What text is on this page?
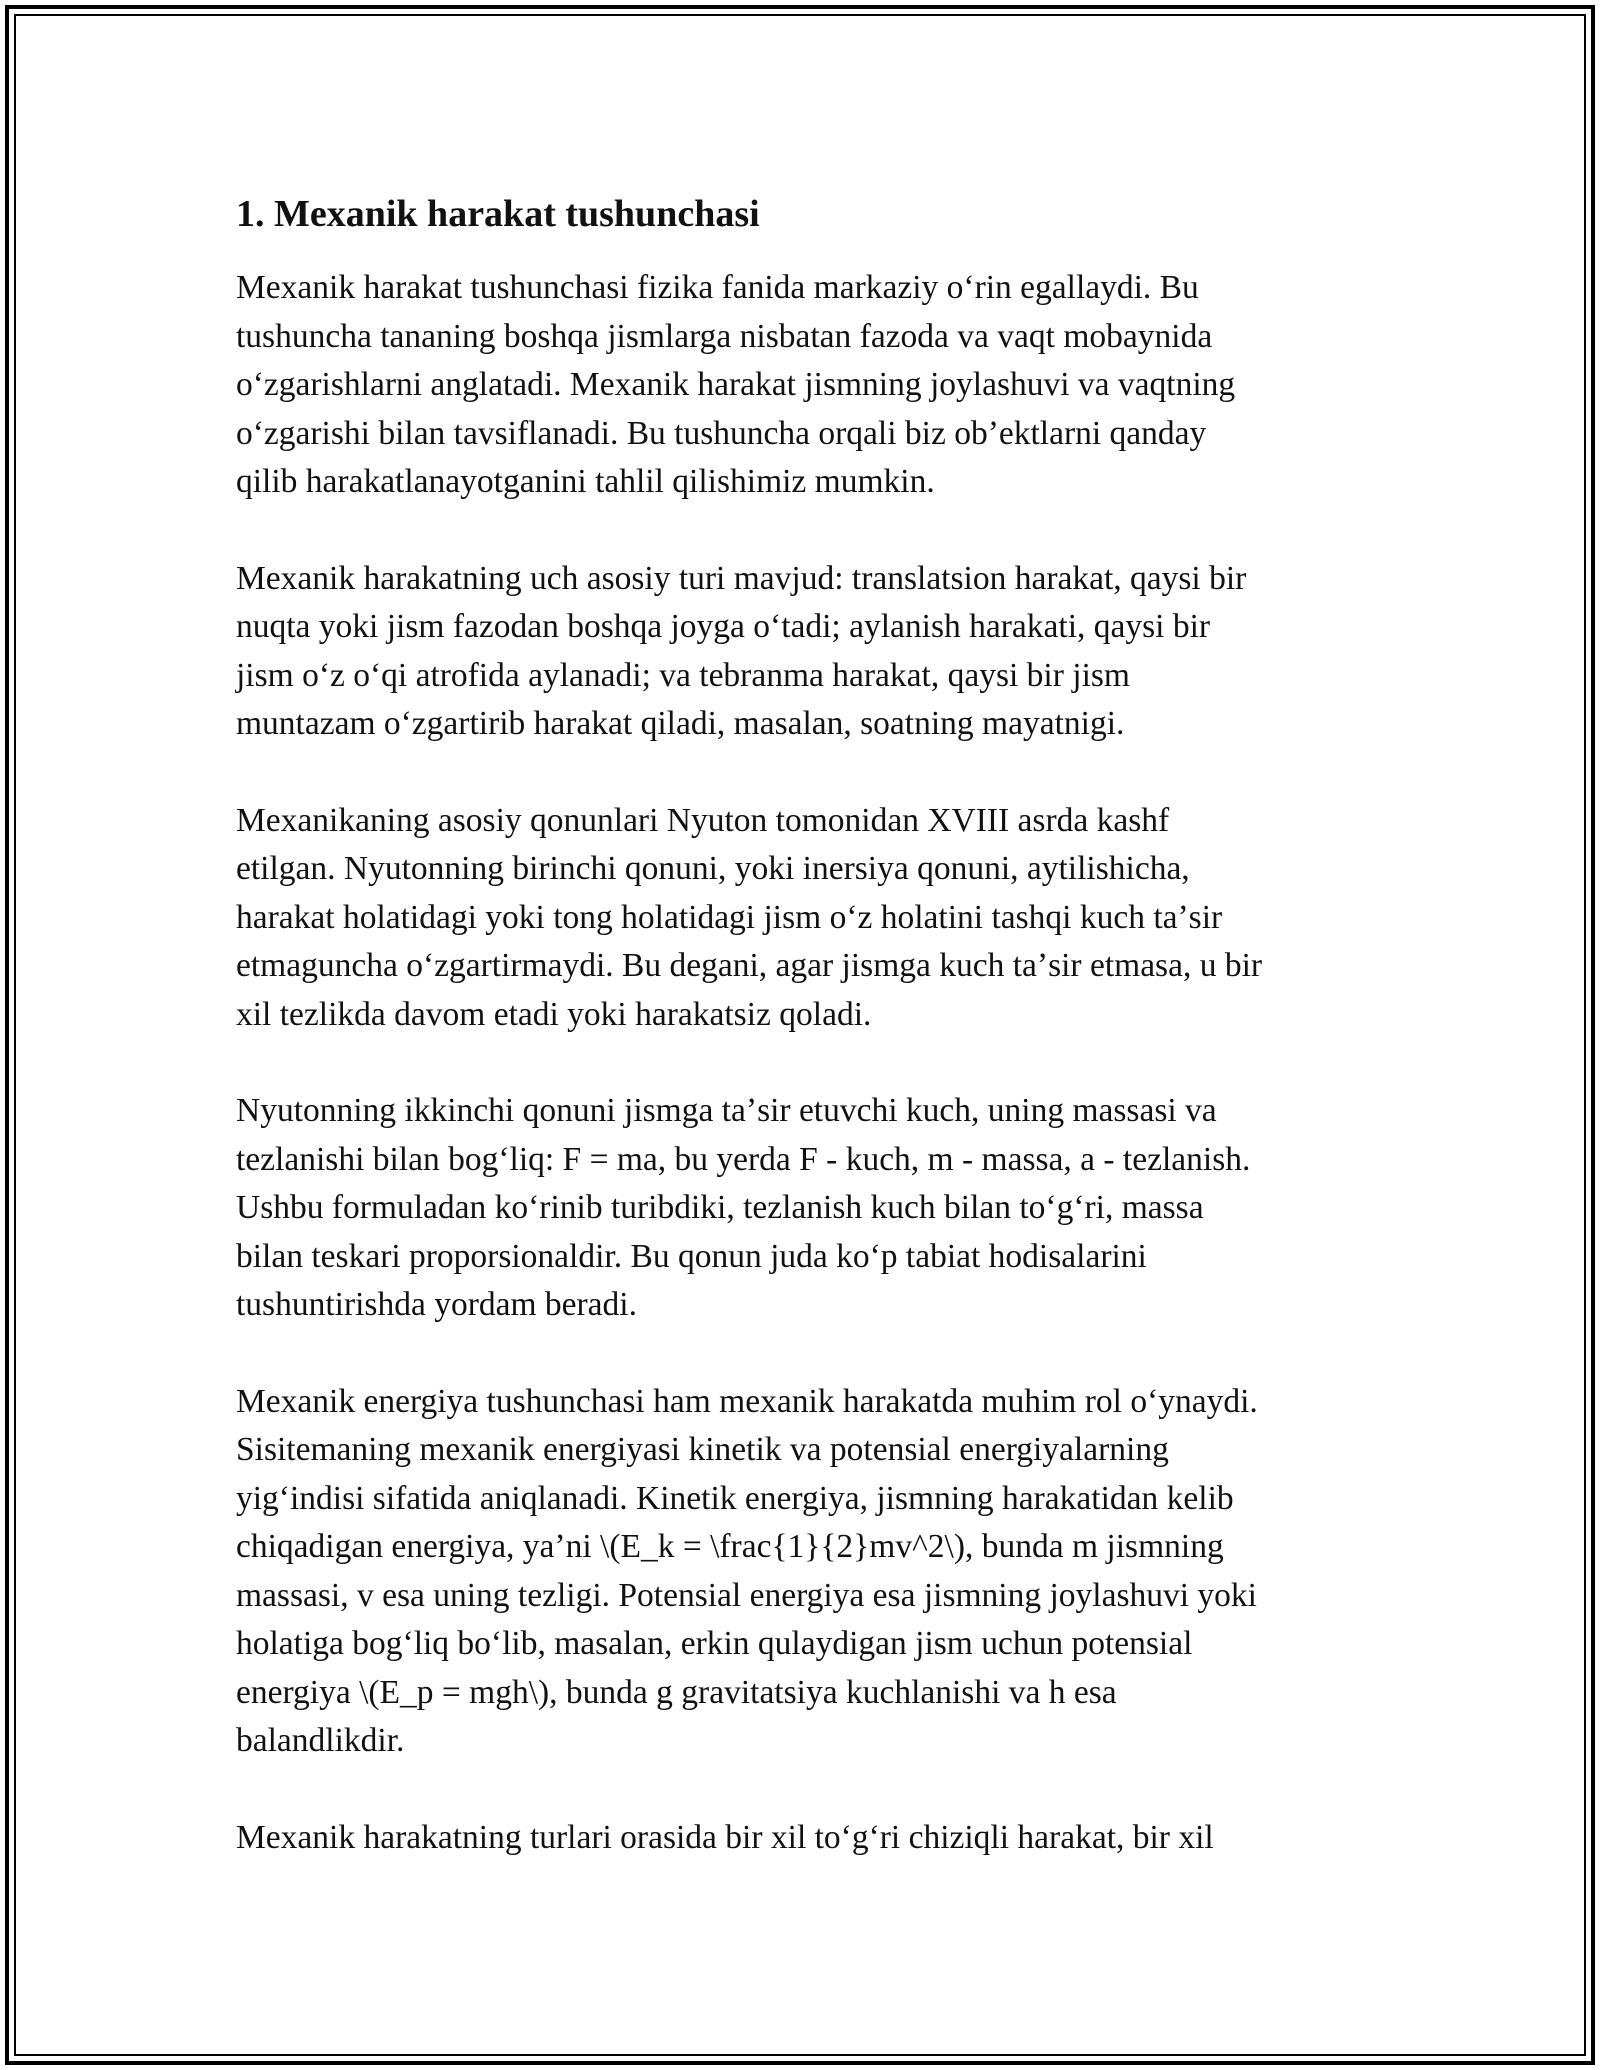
1. Mexanik harakat tushunchasi

Mexanik harakat tushunchasi fizika fanida markaziy oʻrin egallaydi. Bu
tushuncha tananing boshqa jismlarga nisbatan fazoda va vaqt mobaynida
oʻzgarishlarni anglatadi. Mexanik harakat jismning joylashuvi va vaqtning
oʻzgarishi bilan tavsiflanadi. Bu tushuncha orqali biz obʼektlarni qanday
qilib harakatlanayotganini tahlil qilishimiz mumkin.

Mexanik harakatning uch asosiy turi mavjud: translatsion harakat, qaysi bir
nuqta yoki jism fazodan boshqa joyga oʻtadi; aylanish harakati, qaysi bir
jism oʻz oʻqi atrofida aylanadi; va tebranma harakat, qaysi bir jism
muntazam oʻzgartirib harakat qiladi, masalan, soatning mayatnigi.

Mexanikaning asosiy qonunlari Nyuton tomonidan XVIII asrda kashf
etilgan. Nyutonning birinchi qonuni, yoki inersiya qonuni, aytilishicha,
harakat holatidagi yoki tong holatidagi jism oʻz holatini tashqi kuch taʼsir
etmaguncha oʻzgartirmaydi. Bu degani, agar jismga kuch taʼsir etmasa, u bir
xil tezlikda davom etadi yoki harakatsiz qoladi.

Nyutonning ikkinchi qonuni jismga taʼsir etuvchi kuch, uning massasi va
tezlanishi bilan bogʻliq: F = ma, bu yerda F - kuch, m - massa, a - tezlanish.
Ushbu formuladan koʻrinib turibdiki, tezlanish kuch bilan toʻgʻri, massa
bilan teskari proporsionaldir. Bu qonun juda koʻp tabiat hodisalarini
tushuntirishda yordam beradi.

Mexanik energiya tushunchasi ham mexanik harakatda muhim rol oʻynaydi.
Sisitemaning mexanik energiyasi kinetik va potensial energiyalarning
yigʻindisi sifatida aniqlanadi. Kinetik energiya, jismning harakatidan kelib
chiqadigan energiya, yaʼni \(E_k = \frac{1}{2}mv^2\), bunda m jismning
massasi, v esa uning tezligi. Potensial energiya esa jismning joylashuvi yoki
holatiga bogʻliq boʻlib, masalan, erkin qulaydigan jism uchun potensial
energiya \(E_p = mgh\), bunda g gravitatsiya kuchlanishi va h esa
balandlikdir.

Mexanik harakatning turlari orasida bir xil toʻgʻri chiziqli harakat, bir xil
